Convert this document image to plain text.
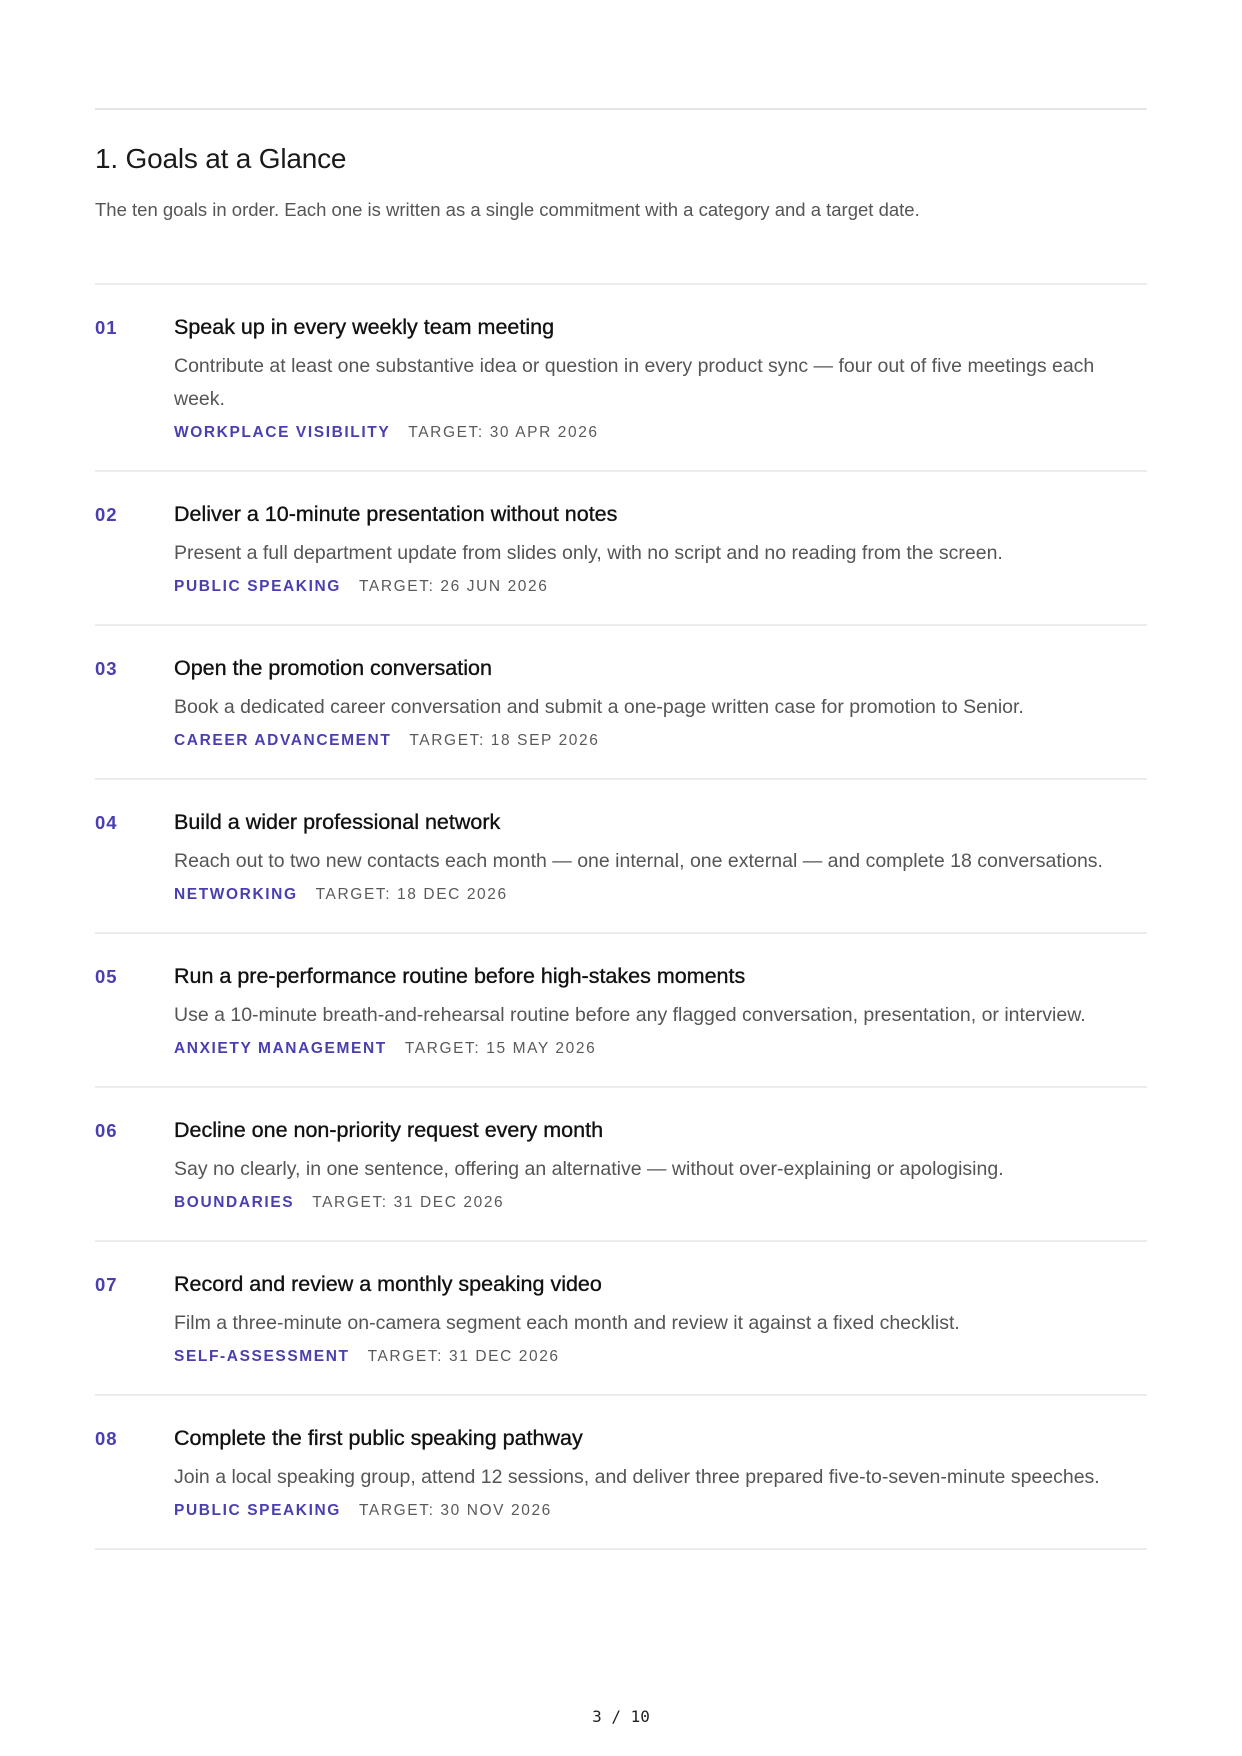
1. Goals at a Glance
The ten goals in order. Each one is written as a single commitment with a category and a target date.
01	Speak up in every weekly team meeting
Contribute at least one substantive idea or question in every product sync — four out of five meetings each week.
WORKPLACE VISIBILITY TARGET: 30 APR 2026
02	Deliver a 10-minute presentation without notes
Present a full department update from slides only, with no script and no reading from the screen.
PUBLIC SPEAKING TARGET: 26 JUN 2026
03	Open the promotion conversation
Book a dedicated career conversation and submit a one-page written case for promotion to Senior.
CAREER ADVANCEMENT TARGET: 18 SEP 2026
04	Build a wider professional network
Reach out to two new contacts each month — one internal, one external — and complete 18 conversations.
NETWORKING TARGET: 18 DEC 2026
05	Run a pre-performance routine before high-stakes moments
Use a 10-minute breath-and-rehearsal routine before any flagged conversation, presentation, or interview.
ANXIETY MANAGEMENT TARGET: 15 MAY 2026
06	Decline one non-priority request every month
Say no clearly, in one sentence, offering an alternative — without over-explaining or apologising.
BOUNDARIES TARGET: 31 DEC 2026
07	Record and review a monthly speaking video
Film a three-minute on-camera segment each month and review it against a fixed checklist.
SELF-ASSESSMENT TARGET: 31 DEC 2026
08	Complete the first public speaking pathway
Join a local speaking group, attend 12 sessions, and deliver three prepared five-to-seven-minute speeches.
PUBLIC SPEAKING TARGET: 30 NOV 2026
3 / 10
